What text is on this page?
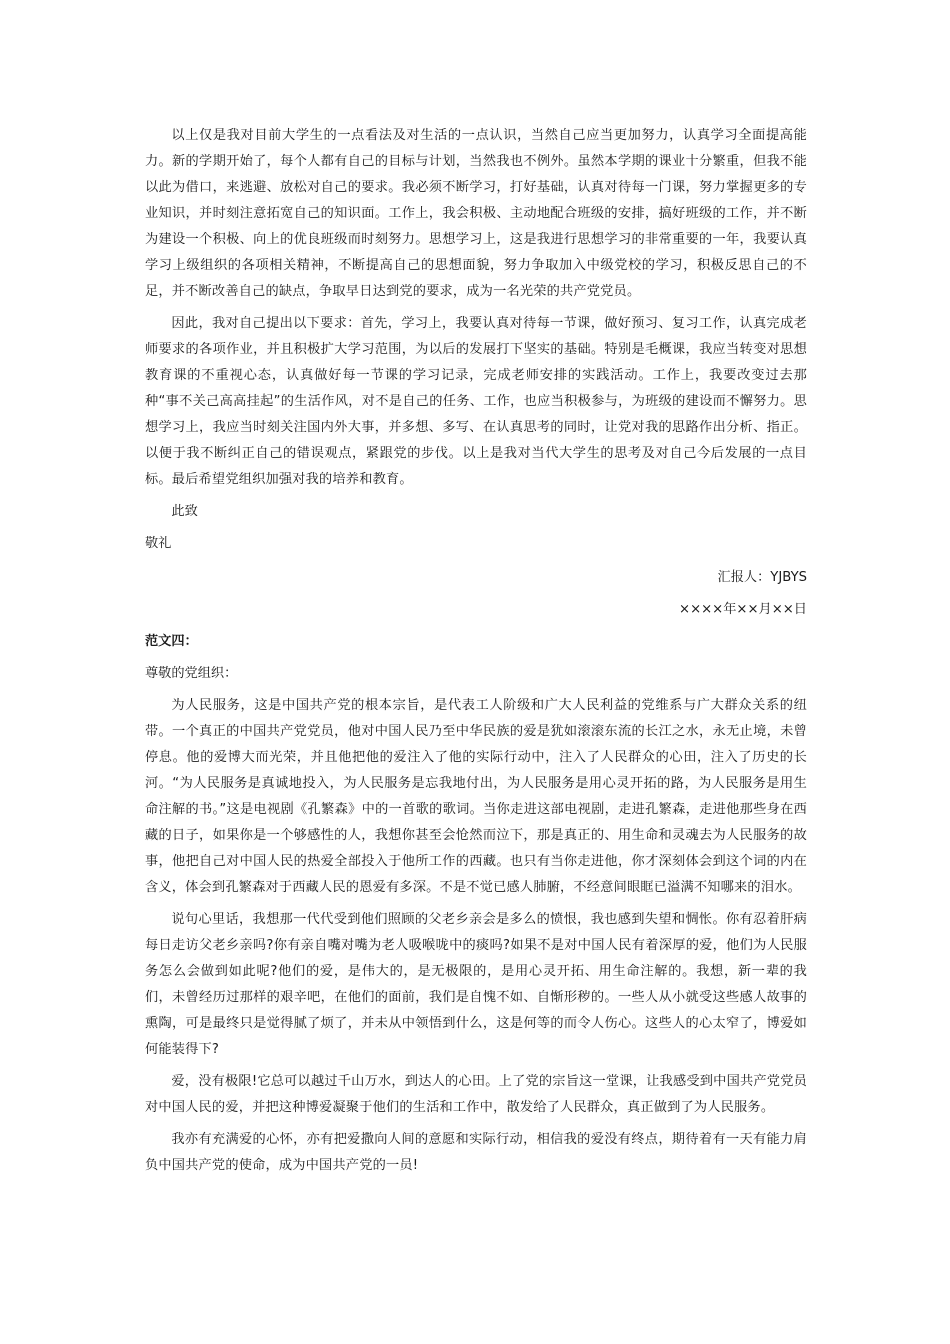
以上仅是我对目前大学生的一点看法及对生活的一点认识，当然自己应当更加努力，认真学习全面提高能力。新的学期开始了，每个人都有自己的目标与计划，当然我也不例外。虽然本学期的课业十分繁重，但我不能以此为借口，来逃避、放松对自己的要求。我必须不断学习，打好基础，认真对待每一门课，努力掌握更多的专业知识，并时刻注意拓宽自己的知识面。工作上，我会积极、主动地配合班级的安排，搞好班级的工作，并不断为建设一个积极、向上的优良班级而时刻努力。思想学习上，这是我进行思想学习的非常重要的一年，我要认真学习上级组织的各项相关精神，不断提高自己的思想面貌，努力争取加入中级党校的学习，积极反思自己的不足，并不断改善自己的缺点，争取早日达到党的要求，成为一名光荣的共产党党员。

因此，我对自己提出以下要求：首先，学习上，我要认真对待每一节课，做好预习、复习工作，认真完成老师要求的各项作业，并且积极扩大学习范围，为以后的发展打下坚实的基础。特别是毛概课，我应当转变对思想教育课的不重视心态，认真做好每一节课的学习记录，完成老师安排的实践活动。工作上，我要改变过去那种“事不关己高高挂起”的生活作风，对不是自己的任务、工作，也应当积极参与，为班级的建设而不懈努力。思想学习上，我应当时刻关注国内外大事，并多想、多写、在认真思考的同时，让党对我的思路作出分析、指正。以便于我不断纠正自己的错误观点，紧跟党的步伐。以上是我对当代大学生的思考及对自己今后发展的一点目标。最后希望党组织加强对我的培养和教育。

此致

敬礼

汇报人：YJBYS

××××年××月××日

范文四：

尊敬的党组织：

为人民服务，这是中国共产党的根本宗旨，是代表工人阶级和广大人民利益的党维系与广大群众关系的纽带。一个真正的中国共产党党员，他对中国人民乃至中华民族的爱是犹如滚滚东流的长江之水，永无止境，未曾停息。他的爱博大而光荣，并且他把他的爱注入了他的实际行动中，注入了人民群众的心田，注入了历史的长河。“为人民服务是真诚地投入，为人民服务是忘我地付出，为人民服务是用心灵开拓的路，为人民服务是用生命注解的书。”这是电视剧《孔繁森》中的一首歌的歌词。当你走进这部电视剧，走进孔繁森，走进他那些身在西藏的日子，如果你是一个够感性的人，我想你甚至会怆然而泣下，那是真正的、用生命和灵魂去为人民服务的故事，他把自己对中国人民的热爱全部投入于他所工作的西藏。也只有当你走进他，你才深刻体会到这个词的内在含义，体会到孔繁森对于西藏人民的恩爱有多深。不是不觉已感人肺腑，不经意间眼眶已溢满不知哪来的泪水。

说句心里话，我想那一代代受到他们照顾的父老乡亲会是多么的愤恨，我也感到失望和惆怅。你有忍着肝病每日走访父老乡亲吗?你有亲自嘴对嘴为老人吸喉咙中的痰吗?如果不是对中国人民有着深厚的爱，他们为人民服务怎么会做到如此呢?他们的爱，是伟大的，是无极限的，是用心灵开拓、用生命注解的。我想，新一辈的我们，未曾经历过那样的艰辛吧，在他们的面前，我们是自愧不如、自惭形秽的。一些人从小就受这些感人故事的熏陶，可是最终只是觉得腻了烦了，并未从中领悟到什么，这是何等的而令人伤心。这些人的心太窄了，博爱如何能装得下?

爱，没有极限!它总可以越过千山万水，到达人的心田。上了党的宗旨这一堂课，让我感受到中国共产党党员对中国人民的爱，并把这种博爱凝聚于他们的生活和工作中，散发给了人民群众，真正做到了为人民服务。

我亦有充满爱的心怀，亦有把爱撒向人间的意愿和实际行动，相信我的爱没有终点，期待着有一天有能力肩负中国共产党的使命，成为中国共产党的一员!
